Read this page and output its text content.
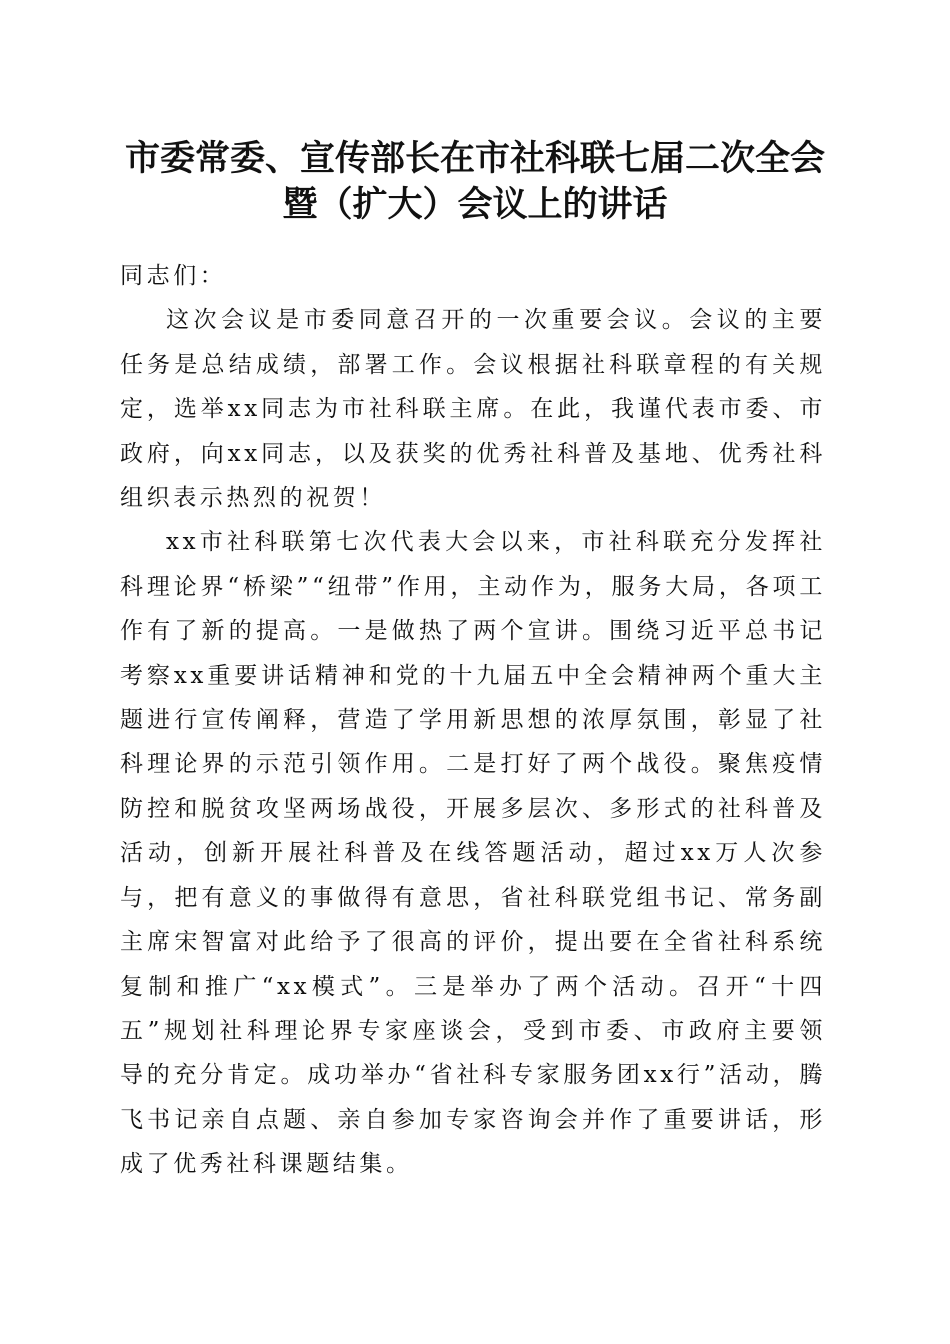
市委常委、宣传部长在市社科联七届二次全会
暨（扩大）会议上的讲话

同志们：

这次会议是市委同意召开的一次重要会议。会议的主要任务是总结成绩，部署工作。会议根据社科联章程的有关规定，选举xx同志为市社科联主席。在此，我谨代表市委、市政府，向xx同志，以及获奖的优秀社科普及基地、优秀社科组织表示热烈的祝贺！

xx市社科联第七次代表大会以来，市社科联充分发挥社科理论界“桥梁”“纽带”作用，主动作为，服务大局，各项工作有了新的提高。一是做热了两个宣讲。围绕习近平总书记考察xx重要讲话精神和党的十九届五中全会精神两个重大主题进行宣传阐释，营造了学用新思想的浓厚氛围，彰显了社科理论界的示范引领作用。二是打好了两个战役。聚焦疫情防控和脱贫攻坚两场战役，开展多层次、多形式的社科普及活动，创新开展社科普及在线答题活动，超过xx万人次参与，把有意义的事做得有意思，省社科联党组书记、常务副主席宋智富对此给予了很高的评价，提出要在全省社科系统复制和推广“xx模式”。三是举办了两个活动。召开“十四五”规划社科理论界专家座谈会，受到市委、市政府主要领导的充分肯定。成功举办“省社科专家服务团xx行”活动，腾飞书记亲自点题、亲自参加专家咨询会并作了重要讲话，形成了优秀社科课题结集。
